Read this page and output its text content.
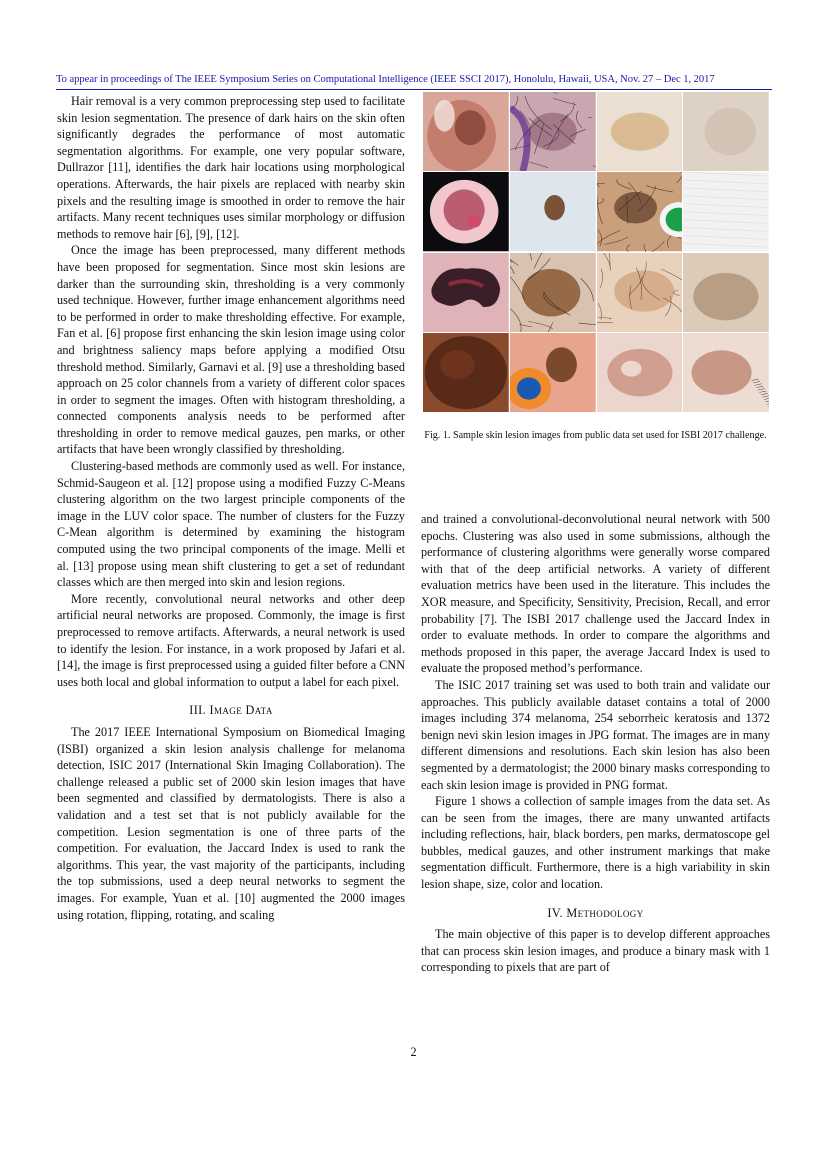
To appear in proceedings of The IEEE Symposium Series on Computational Intelligence (IEEE SSCI 2017), Honolulu, Hawaii, USA, Nov. 27 – Dec 1, 2017

Hair removal is a very common preprocessing step used to facilitate skin lesion segmentation. The presence of dark hairs on the skin often significantly degrades the performance of most automatic segmentation algorithms. For example, one very popular software, Dullrazor [11], identifies the dark hair locations using morphological operations. Afterwards, the hair pixels are replaced with nearby skin pixels and the resulting image is smoothed in order to remove the hair artifacts. Many recent techniques uses similar morphology or diffusion methods to remove hair [6], [9], [12].

Once the image has been preprocessed, many different methods have been proposed for segmentation. Since most skin lesions are darker than the surrounding skin, thresholding is a very commonly used technique. However, further image enhancement algorithms need to be performed in order to make thresholding effective. For example, Fan et al. [6] propose first enhancing the skin lesion image using color and brightness saliency maps before applying a modified Otsu threshold method. Similarly, Garnavi et al. [9] use a thresholding based approach on 25 color channels from a variety of different color spaces in order to segment the images. Often with histogram thresholding, a connected components analysis needs to be performed after thresholding in order to remove medical gauzes, pen marks, or other artifacts that have been wrongly classified by thresholding.

Clustering-based methods are commonly used as well. For instance, Schmid-Saugeon et al. [12] propose using a modified Fuzzy C-Means clustering algorithm on the two largest principle components of the image in the LUV color space. The number of clusters for the Fuzzy C-Mean algorithm is determined by examining the histogram computed using the two principal components of the image. Melli et al. [13] propose using mean shift clustering to get a set of redundant classes which are then merged into skin and lesion regions.

More recently, convolutional neural networks and other deep artificial neural networks are proposed. Commonly, the image is first preprocessed to remove artifacts. Afterwards, a neural network is used to identify the lesion. For instance, in a work proposed by Jafari et al. [14], the image is first preprocessed using a guided filter before a CNN uses both local and global information to output a label for each pixel.

III. Image Data

The 2017 IEEE International Symposium on Biomedical Imaging (ISBI) organized a skin lesion analysis challenge for melanoma detection, ISIC 2017 (International Skin Imaging Collaboration). The challenge released a public set of 2000 skin lesion images that have been segmented and classified by dermatologists. There is also a validation and a test set that is not publicly available for the competition. Lesion segmentation is one of three parts of the competition. For evaluation, the Jaccard Index is used to rank the algorithms. This year, the vast majority of the participants, including the top submissions, used a deep neural networks to segment the images. For example, Yuan et al. [10] augmented the 2000 images using rotation, flipping, rotating, and scaling

Fig. 1. Sample skin lesion images from public data set used for ISBI 2017 challenge.

and trained a convolutional-deconvolutional neural network with 500 epochs. Clustering was also used in some submissions, although the performance of clustering algorithms were generally worse compared with that of the deep artificial networks. A variety of different evaluation metrics have been used in the literature. This includes the XOR measure, and Specificity, Sensitivity, Precision, Recall, and error probability [7]. The ISBI 2017 challenge used the Jaccard Index in order to evaluate methods. In order to compare the algorithms and methods proposed in this paper, the average Jaccard Index is used to evaluate the proposed method’s performance.

The ISIC 2017 training set was used to both train and validate our approaches. This publicly available dataset contains a total of 2000 images including 374 melanoma, 254 seborrheic keratosis and 1372 benign nevi skin lesion images in JPG format. The images are in many different dimensions and resolutions. Each skin lesion has also been segmented by a dermatologist; the 2000 binary masks corresponding to each skin lesion image is provided in PNG format.

Figure 1 shows a collection of sample images from the data set. As can be seen from the images, there are many unwanted artifacts including reflections, hair, black borders, pen marks, dermatoscope gel bubbles, medical gauzes, and other instrument markings that make segmentation difficult. Furthermore, there is a high variability in skin lesion shape, size, color and location.

IV. Methodology

The main objective of this paper is to develop different approaches that can process skin lesion images, and produce a binary mask with 1 corresponding to pixels that are part of

2
